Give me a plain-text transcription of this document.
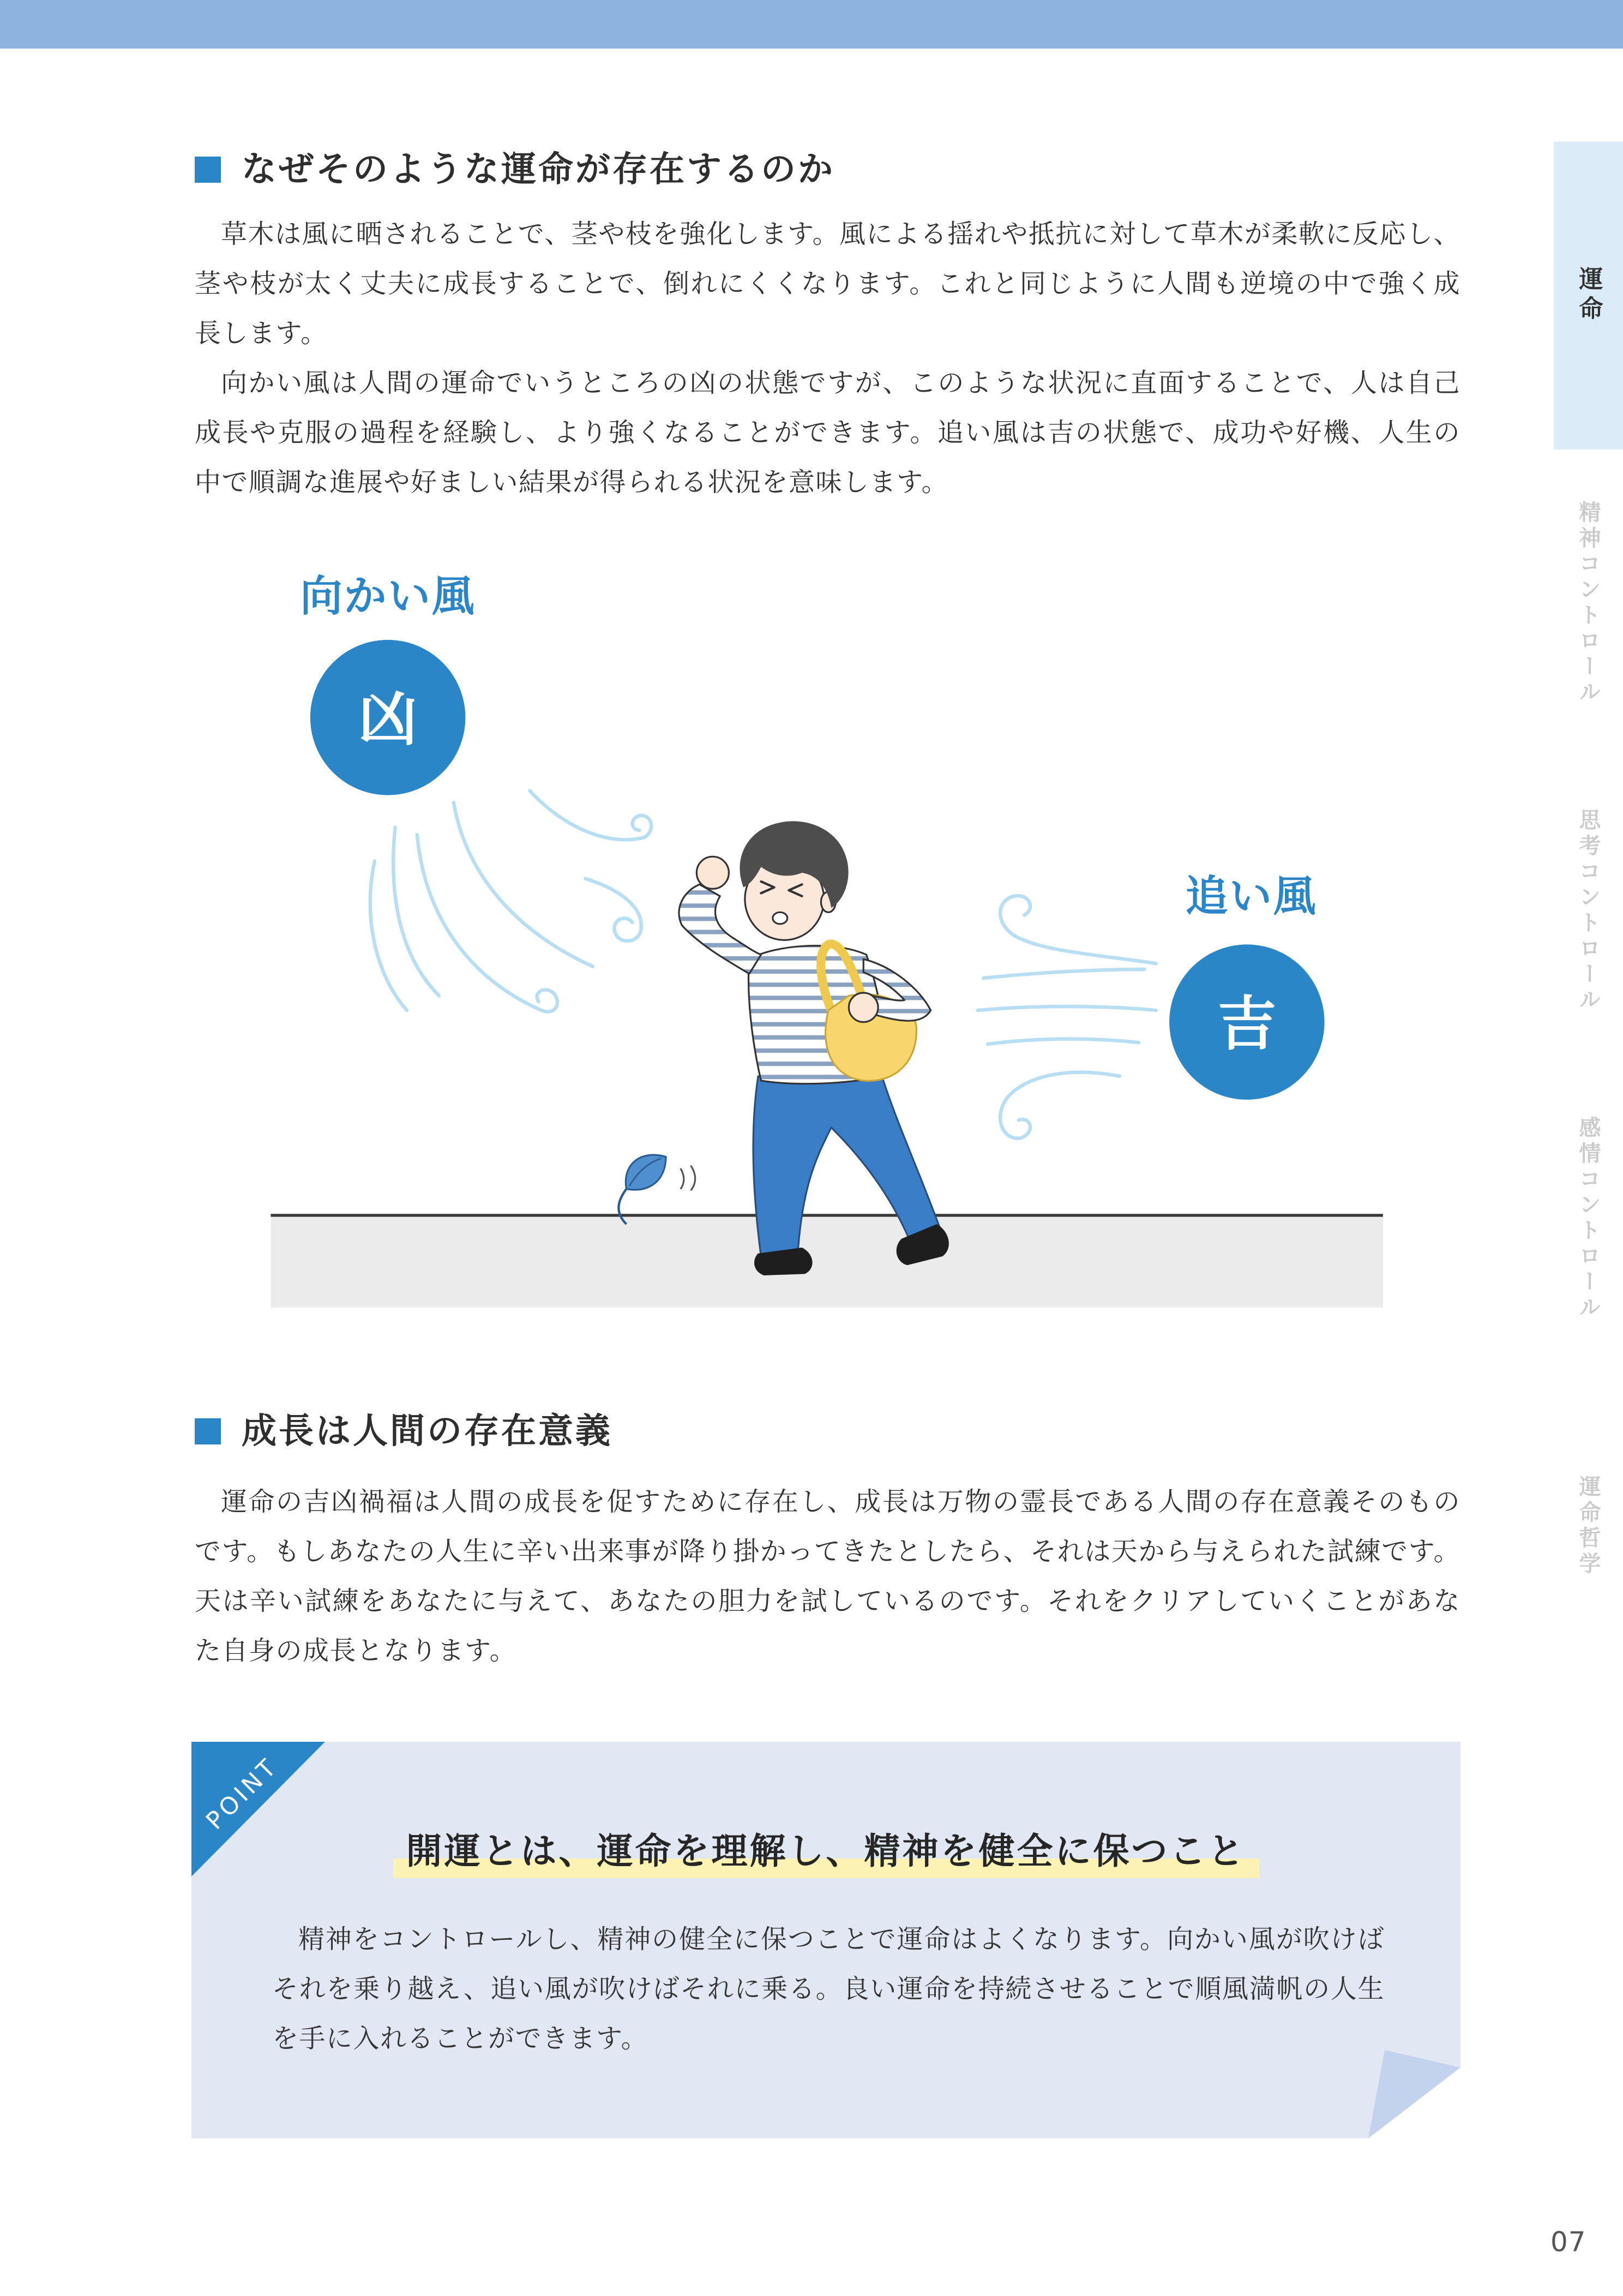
運命
精神コントロール
思考コントロール
感情コントロール
運命哲学
なぜそのような運命が存在するのか

草木は風に晒されることで、茎や枝を強化します。風による揺れや抵抗に対して草木が柔軟に反応し、茎や枝が太く丈夫に成長することで、倒れにくくなります。これと同じように人間も逆境の中で強く成長します。

向かい風は人間の運命でいうところの凶の状態ですが、このような状況に直面することで、人は自己成長や克服の過程を経験し、より強くなることができます。追い風は吉の状態で、成功や好機、人生の中で順調な進展や好ましい結果が得られる状況を意味します。

向かい風
凶
追い風
吉
成長は人間の存在意義

運命の吉凶禍福は人間の成長を促すために存在し、成長は万物の霊長である人間の存在意義そのものです。もしあなたの人生に辛い出来事が降り掛かってきたとしたら、それは天から与えられた試練です。天は辛い試練をあなたに与えて、あなたの胆力を試しているのです。それをクリアしていくことがあなた自身の成長となります。

POINT
開運とは、運命を理解し、精神を健全に保つこと

精神をコントロールし、精神の健全に保つことで運命はよくなります。向かい風が吹けばそれを乗り越え、追い風が吹けばそれに乗る。良い運命を持続させることで順風満帆の人生を手に入れることができます。

07
